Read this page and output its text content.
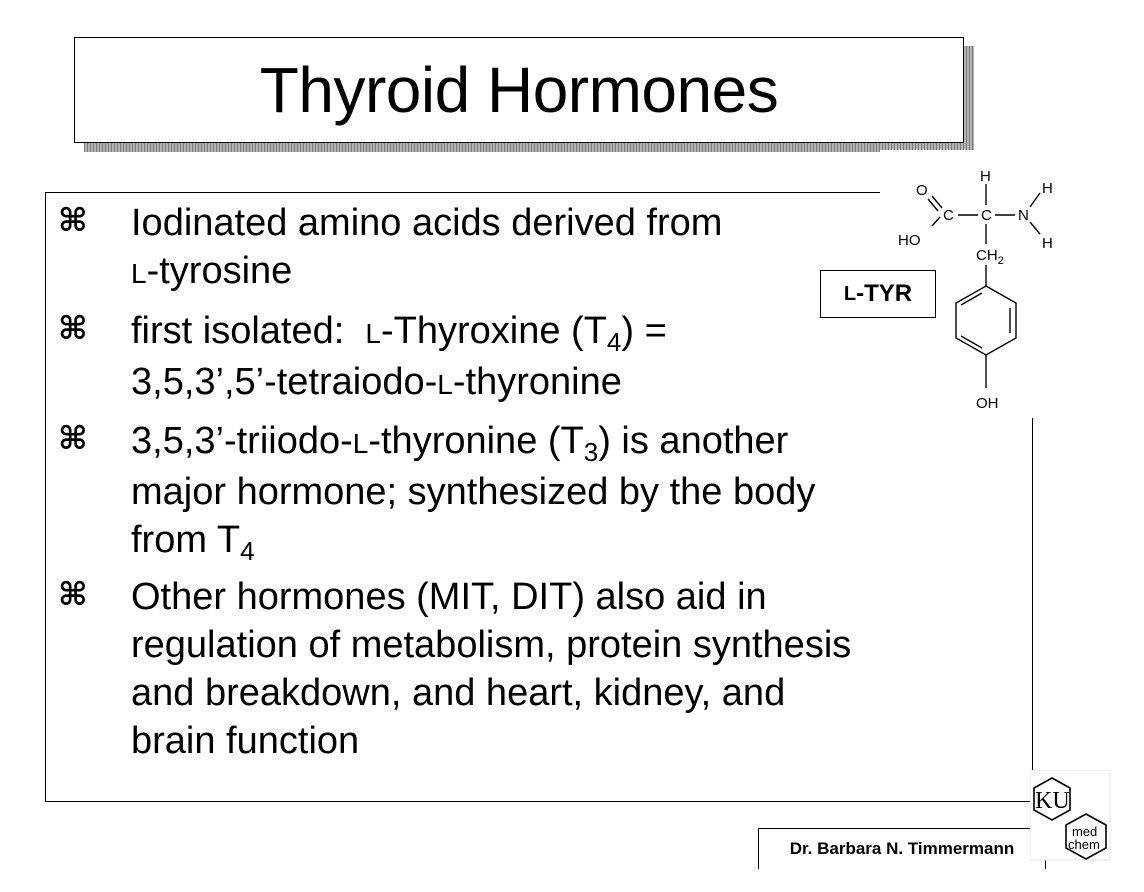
Thyroid Hormones
⌘ Iodinated amino acids derived from
L-tyrosine
⌘ first isolated:  L-Thyroxine $(T_4)$ =
3,5,3’,5’-tetraiodo-L-thyronine
⌘ 3,5,3’-triiodo-L-thyronine $(T_3)$ is another
major hormone; synthesized by the body
from $T_4$
⌘ Other hormones (MIT, DIT) also aid in
regulation of metabolism, protein synthesis
and breakdown, and heart, kidney, and
brain function
O
HO
C C
H
N
H
H
$CH_2$
OH
L -TYR
Dr. Barbara N. Timmermann
KU
med
chem
